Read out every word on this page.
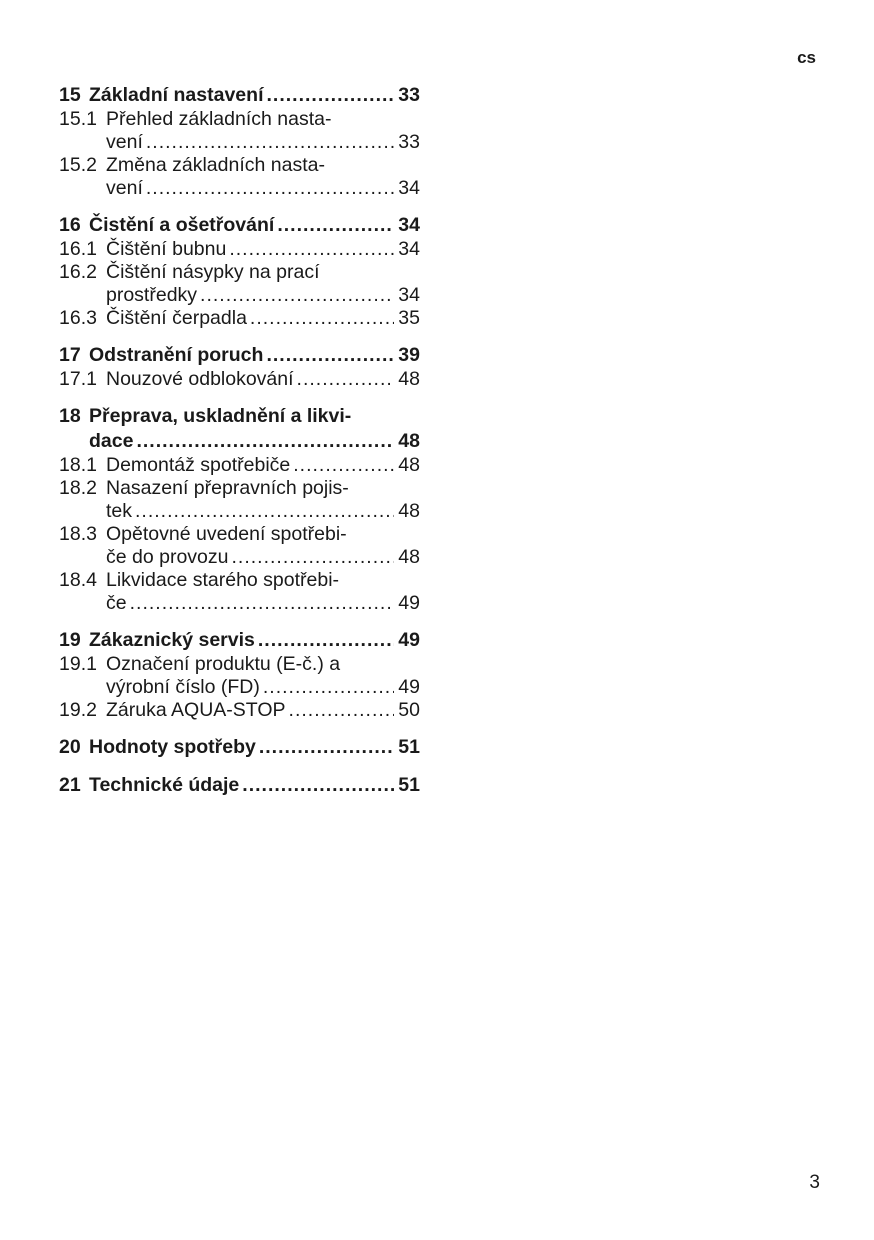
cs
15 Základní nastavení .....	33
15.1 Přehled základních nasta-
vení .....	33
15.2 Změna základních nasta-
vení .....	34
16 Čistění a ošetřování .....	34
16.1 Čištění bubnu .....	34
16.2 Čištění násypky na prací
prostředky .....	34
16.3 Čištění čerpadla .....	35
17 Odstranění poruch .....	39
17.1 Nouzové odblokování .....	48
18 Přeprava, uskladnění a likvi-
dace .....	48
18.1 Demontáž spotřebiče .....	48
18.2 Nasazení přepravních pojis-
tek .....	48
18.3 Opětovné uvedení spotřebi-
če do provozu .....	48
18.4 Likvidace starého spotřebi-
če .....	49
19 Zákaznický servis .....	49
19.1 Označení produktu (E-č.) a
výrobní číslo (FD) .....	49
19.2 Záruka AQUA-STOP .....	50
20 Hodnoty spotřeby .....	51
21 Technické údaje .....	51
3
